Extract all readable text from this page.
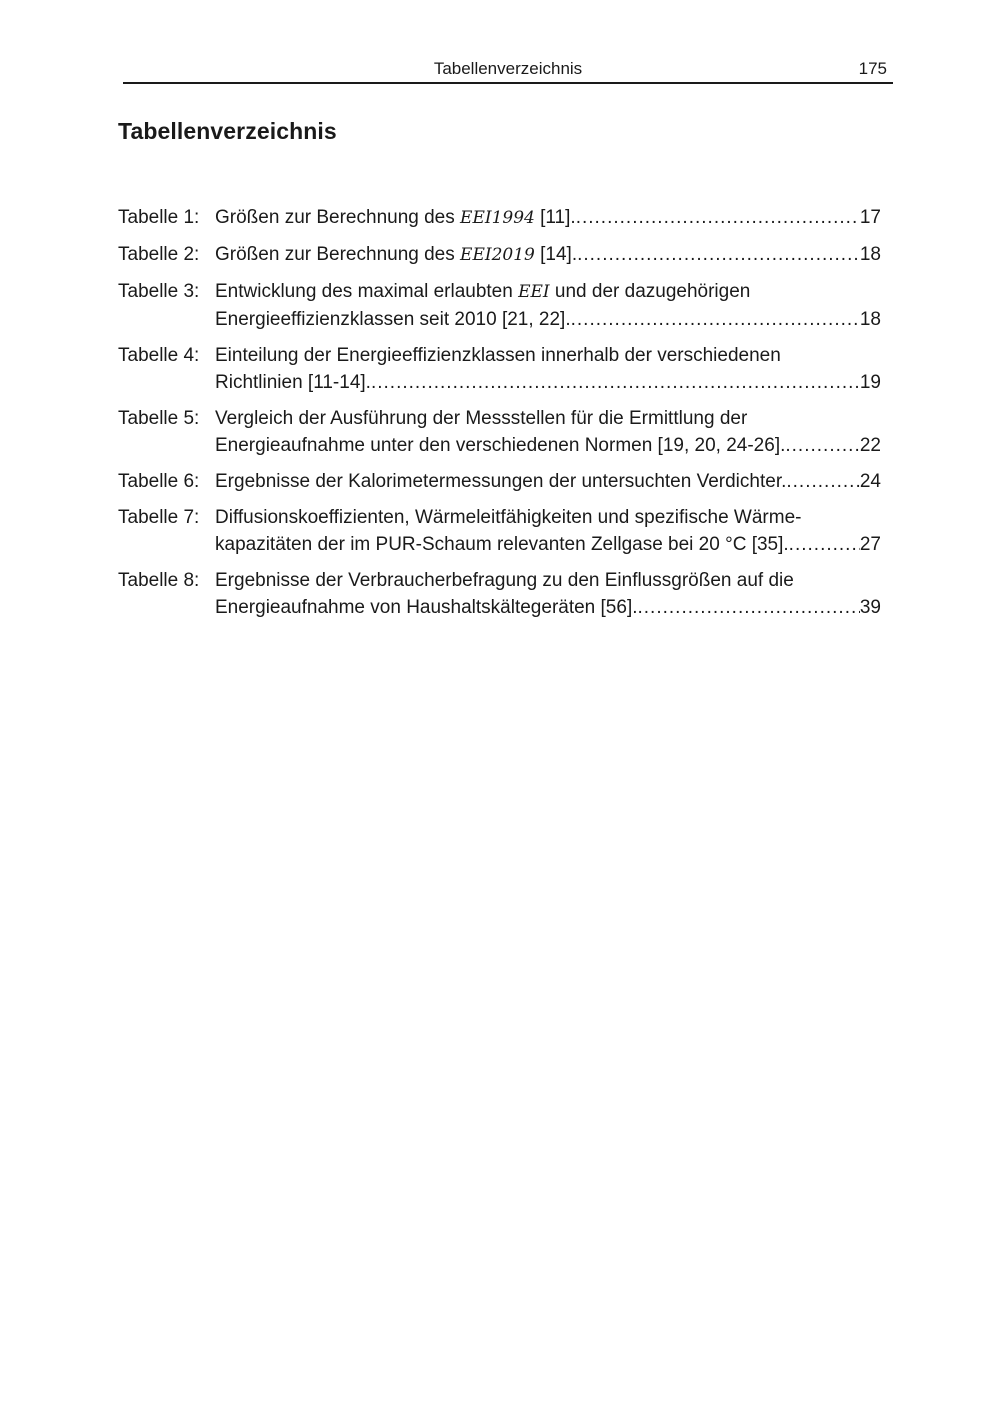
Tabellenverzeichnis	175
Tabellenverzeichnis
Tabelle 1: Größen zur Berechnung des EEI1994 [11]. .....	17
Tabelle 2: Größen zur Berechnung des EEI2019 [14]. .....	18
Tabelle 3: Entwicklung des maximal erlaubten EEI und der dazugehörigen
Energieeffizienzklassen seit 2010 [21, 22]. .....	18
Tabelle 4: Einteilung der Energieeffizienzklassen innerhalb der verschiedenen
Richtlinien [11-14]. .....	19
Tabelle 5: Vergleich der Ausführung der Messstellen für die Ermittlung der
Energieaufnahme unter den verschiedenen Normen [19, 20, 24-26]. .....	22
Tabelle 6: Ergebnisse der Kalorimetermessungen der untersuchten Verdichter. .....	24
Tabelle 7: Diffusionskoeffizienten, Wärmeleitfähigkeiten und spezifische Wärme-
kapazitäten der im PUR-Schaum relevanten Zellgase bei 20 °C [35]. .....	27
Tabelle 8: Ergebnisse der Verbraucherbefragung zu den Einflussgrößen auf die
Energieaufnahme von Haushaltskältegeräten [56]. .....	39
